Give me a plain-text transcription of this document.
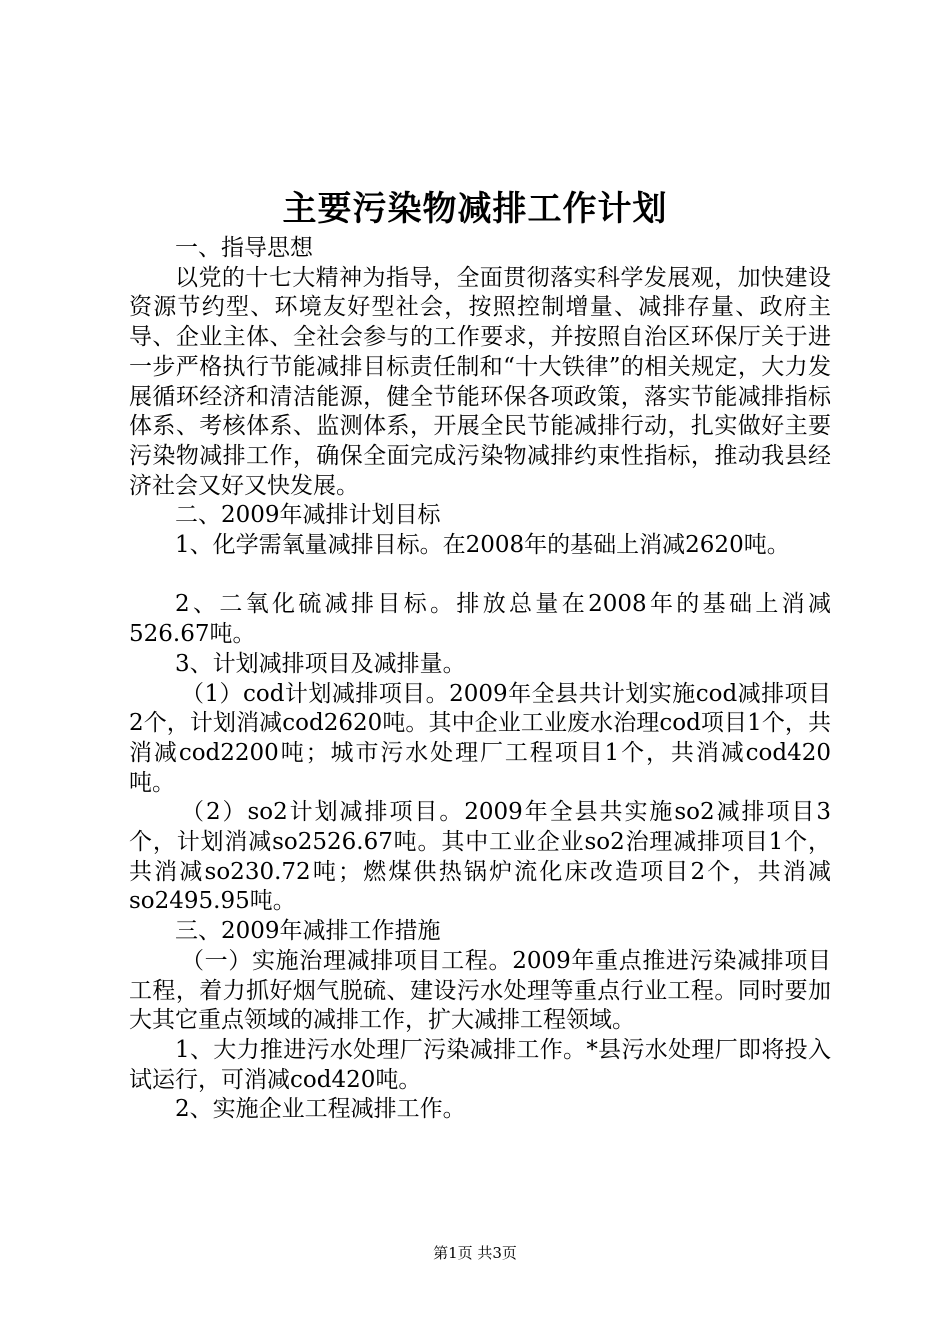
主要污染物减排工作计划

一、指导思想

以党的十七大精神为指导，全面贯彻落实科学发展观，加快建设资源节约型、环境友好型社会，按照控制增量、减排存量、政府主导、企业主体、全社会参与的工作要求，并按照自治区环保厅关于进一步严格执行节能减排目标责任制和“十大铁律”的相关规定，大力发展循环经济和清洁能源，健全节能环保各项政策，落实节能减排指标体系、考核体系、监测体系，开展全民节能减排行动，扎实做好主要污染物减排工作，确保全面完成污染物减排约束性指标，推动我县经济社会又好又快发展。

二、2009年减排计划目标

1、化学需氧量减排目标。在2008年的基础上消减2620吨。

2、二氧化硫减排目标。排放总量在2008年的基础上消减526.67吨。

3、计划减排项目及减排量。

（1）cod计划减排项目。2009年全县共计划实施cod减排项目2个，计划消减cod2620吨。其中企业工业废水治理cod项目1个，共消减cod2200吨；城市污水处理厂工程项目1个，共消减cod420吨。

（2）so2计划减排项目。2009年全县共实施so2减排项目3个，计划消减so2526.67吨。其中工业企业so2治理减排项目1个，共消减so230.72吨；燃煤供热锅炉流化床改造项目2个，共消减so2495.95吨。

三、2009年减排工作措施

（一）实施治理减排项目工程。2009年重点推进污染减排项目工程，着力抓好烟气脱硫、建设污水处理等重点行业工程。同时要加大其它重点领域的减排工作，扩大减排工程领域。

1、大力推进污水处理厂污染减排工作。*县污水处理厂即将投入试运行，可消减cod420吨。

2、实施企业工程减排工作。

第1页 共3页
